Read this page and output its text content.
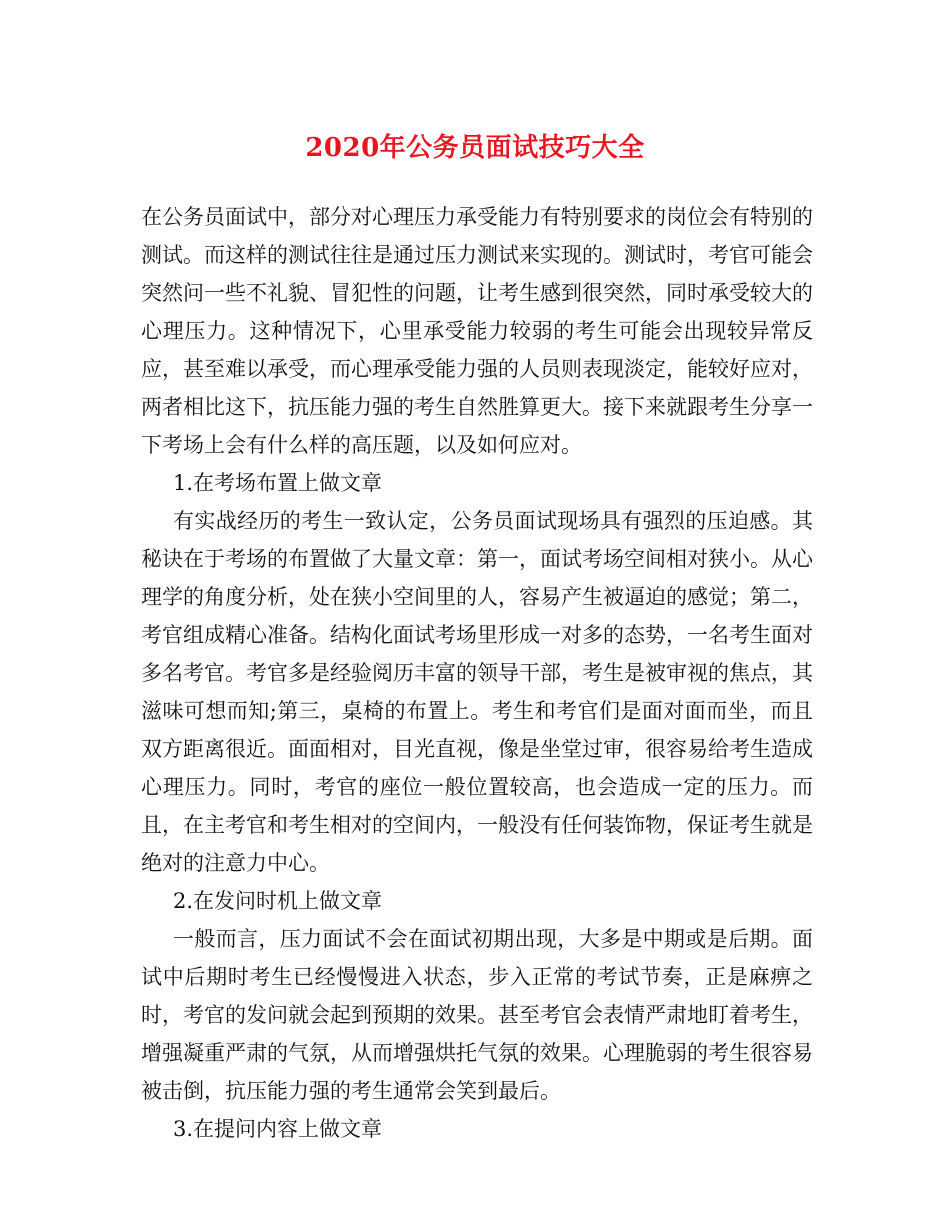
2020年公务员面试技巧大全

在公务员面试中，部分对心理压力承受能力有特别要求的岗位会有特别的测试。而这样的测试往往是通过压力测试来实现的。测试时，考官可能会突然问一些不礼貌、冒犯性的问题，让考生感到很突然，同时承受较大的心理压力。这种情况下，心里承受能力较弱的考生可能会出现较异常反应，甚至难以承受，而心理承受能力强的人员则表现淡定，能较好应对，两者相比这下，抗压能力强的考生自然胜算更大。接下来就跟考生分享一下考场上会有什么样的高压题，以及如何应对。

1.在考场布置上做文章

有实战经历的考生一致认定，公务员面试现场具有强烈的压迫感。其秘诀在于考场的布置做了大量文章：第一，面试考场空间相对狭小。从心理学的角度分析，处在狭小空间里的人，容易产生被逼迫的感觉；第二，考官组成精心准备。结构化面试考场里形成一对多的态势，一名考生面对多名考官。考官多是经验阅历丰富的领导干部，考生是被审视的焦点，其滋味可想而知;第三，桌椅的布置上。考生和考官们是面对面而坐，而且双方距离很近。面面相对，目光直视，像是坐堂过审，很容易给考生造成心理压力。同时，考官的座位一般位置较高，也会造成一定的压力。而且，在主考官和考生相对的空间内，一般没有任何装饰物，保证考生就是绝对的注意力中心。

2.在发问时机上做文章

一般而言，压力面试不会在面试初期出现，大多是中期或是后期。面试中后期时考生已经慢慢进入状态，步入正常的考试节奏，正是麻痹之时，考官的发问就会起到预期的效果。甚至考官会表情严肃地盯着考生，增强凝重严肃的气氛，从而增强烘托气氛的效果。心理脆弱的考生很容易被击倒，抗压能力强的考生通常会笑到最后。

3.在提问内容上做文章
